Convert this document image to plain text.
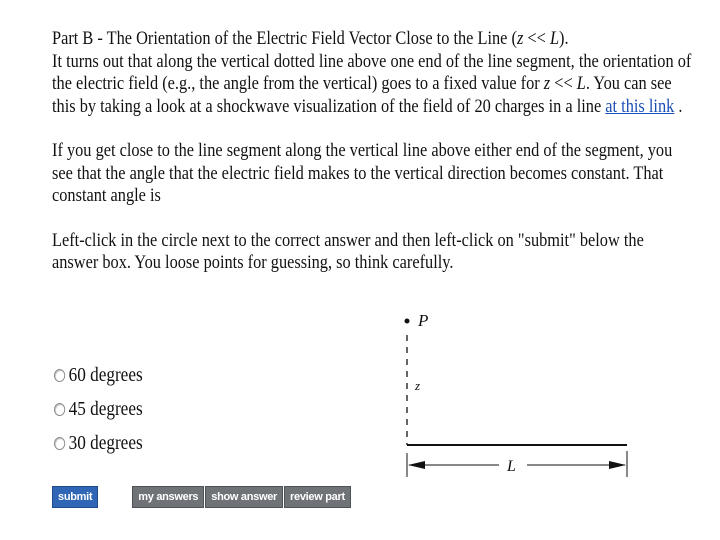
Part B - The Orientation of the Electric Field Vector Close to the Line (z << L).
It turns out that along the vertical dotted line above one end of the line segment, the orientation of the electric field (e.g., the angle from the vertical) goes to a fixed value for z << L. You can see this by taking a look at a shockwave visualization of the field of 20 charges in a line at this link .

If you get close to the line segment along the vertical line above either end of the segment, you see that the angle that the electric field makes to the vertical direction becomes constant. That constant angle is

Left-click in the circle next to the correct answer and then left-click on "submit" below the answer box. You loose points for guessing, so think carefully.

60 degrees
45 degrees
30 degrees
submit	my answers	show answer	review part
P
z
L
